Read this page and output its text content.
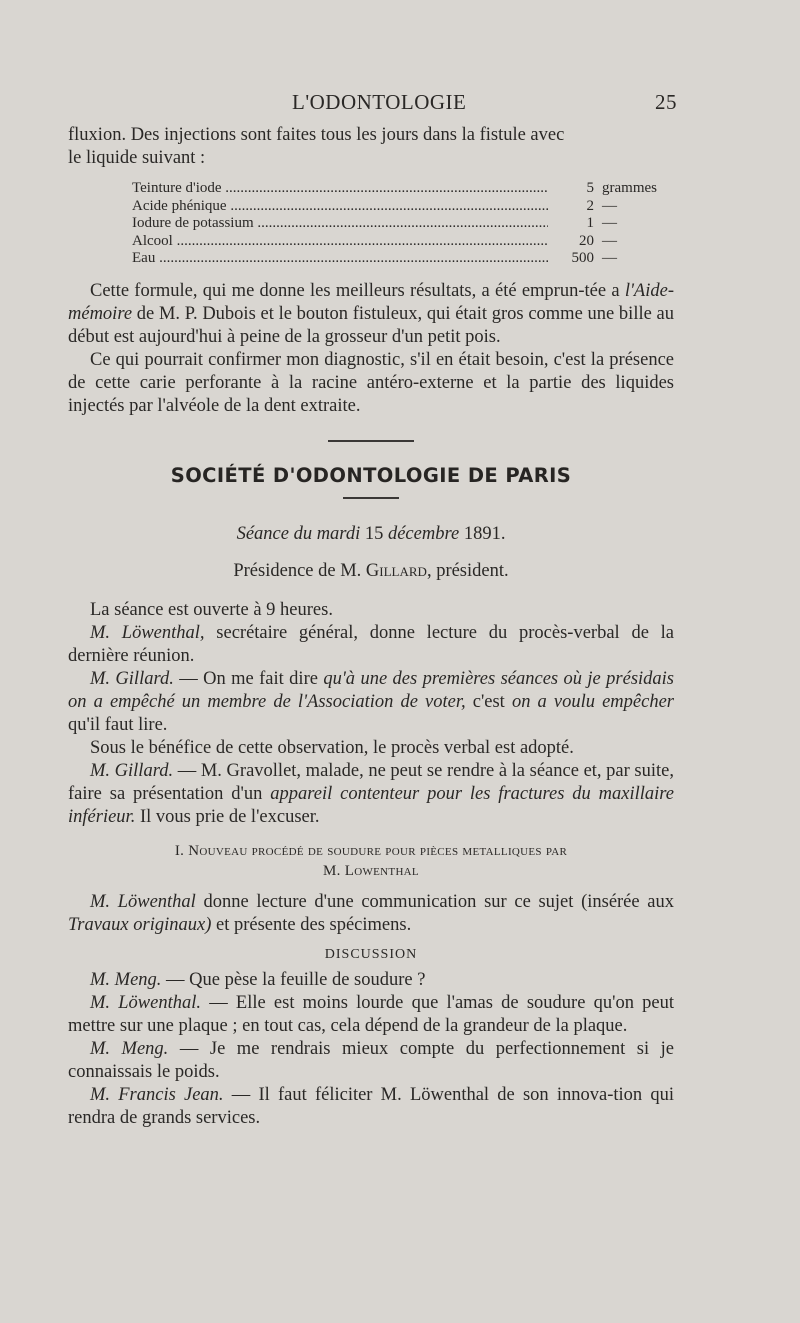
L'ODONTOLOGIE	25

fluxion. Des injections sont faites tous les jours dans la fistule avec
le liquide suivant :

Teinture d'iode .....	5 grammes
Acide phénique .....	2 —
Iodure de potassium .....	1 —
Alcool .....	20 —
Eau .....	500 —

Cette formule, qui me donne les meilleurs résultats, a été emprun-tée a l'Aide-mémoire de M. P. Dubois et le bouton fistuleux, qui était gros comme une bille au début est aujourd'hui à peine de la grosseur d'un petit pois.

Ce qui pourrait confirmer mon diagnostic, s'il en était besoin, c'est la présence de cette carie perforante à la racine antéro-externe et la partie des liquides injectés par l'alvéole de la dent extraite.

SOCIÉTÉ D'ODONTOLOGIE DE PARIS
Séance du mardi 15 décembre 1891.
Présidence de M. Gillard, président.

La séance est ouverte à 9 heures.

M. Löwenthal, secrétaire général, donne lecture du procès-verbal de la dernière réunion.

M. Gillard. — On me fait dire qu'à une des premières séances où je présidais on a empêché un membre de l'Association de voter, c'est on a voulu empêcher qu'il faut lire.

Sous le bénéfice de cette observation, le procès verbal est adopté.

M. Gillard. — M. Gravollet, malade, ne peut se rendre à la séance et, par suite, faire sa présentation d'un appareil contenteur pour les fractures du maxillaire inférieur. Il vous prie de l'excuser.

I. Nouveau procédé de soudure pour pièces metalliques par
M. Lowenthal

M. Löwenthal donne lecture d'une communication sur ce sujet (insérée aux Travaux originaux) et présente des spécimens.

DISCUSSION

M. Meng. — Que pèse la feuille de soudure ?

M. Löwenthal. — Elle est moins lourde que l'amas de soudure qu'on peut mettre sur une plaque ; en tout cas, cela dépend de la grandeur de la plaque.

M. Meng. — Je me rendrais mieux compte du perfectionnement si je connaissais le poids.

M. Francis Jean. — Il faut féliciter M. Löwenthal de son innova-tion qui rendra de grands services.
